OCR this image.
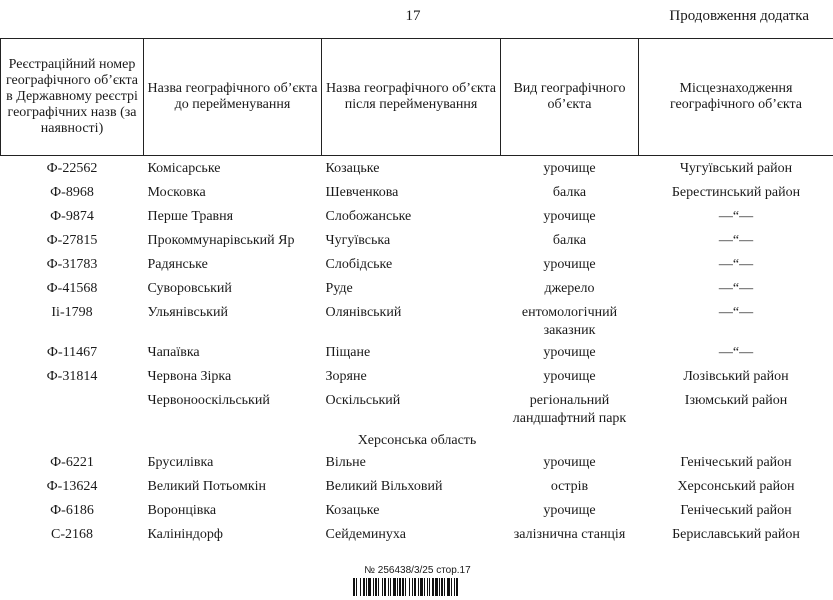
17	Продовження додатка
Реєстраційний номер географічного об’єкта в Державному реєстрі географічних назв (за наявності)	Назва географічного об’єкта до перейменування	Назва географічного об’єкта після перейменування	Вид географічного об’єкта	Місцезнаходження географічного об’єкта
Ф-22562	Комісарське	Козацьке	урочище	Чугуївський район
Ф-8968	Московка	Шевченкова	балка	Берестинський район
Ф-9874	Перше Травня	Слобожанське	урочище	—“—
Ф-27815	Прокоммунарівський Яр	Чугуївська	балка	—“—
Ф-31783	Радянське	Слобідське	урочище	—“—
Ф-41568	Суворовський	Руде	джерело	—“—
Ii-1798	Ульянівський	Олянівський	ентомологічний заказник	—“—
Ф-11467	Чапаївка	Піщане	урочище	—“—
Ф-31814	Червона Зірка	Зоряне	урочище	Лозівський район
	Червонооскільський	Оскільський	регіональний ландшафтний парк	Ізюмський район
Херсонська область				
Ф-6221	Брусилівка	Вільне	урочище	Генічеський район
Ф-13624	Великий Потьомкін	Великий Вільховий	острів	Херсонський район
Ф-6186	Воронцівка	Козацьке	урочище	Генічеський район
С-2168	Калініндорф	Сейдеминуха	залізнична станція	Бериславський район
№ 256438/3/25 стор.17
